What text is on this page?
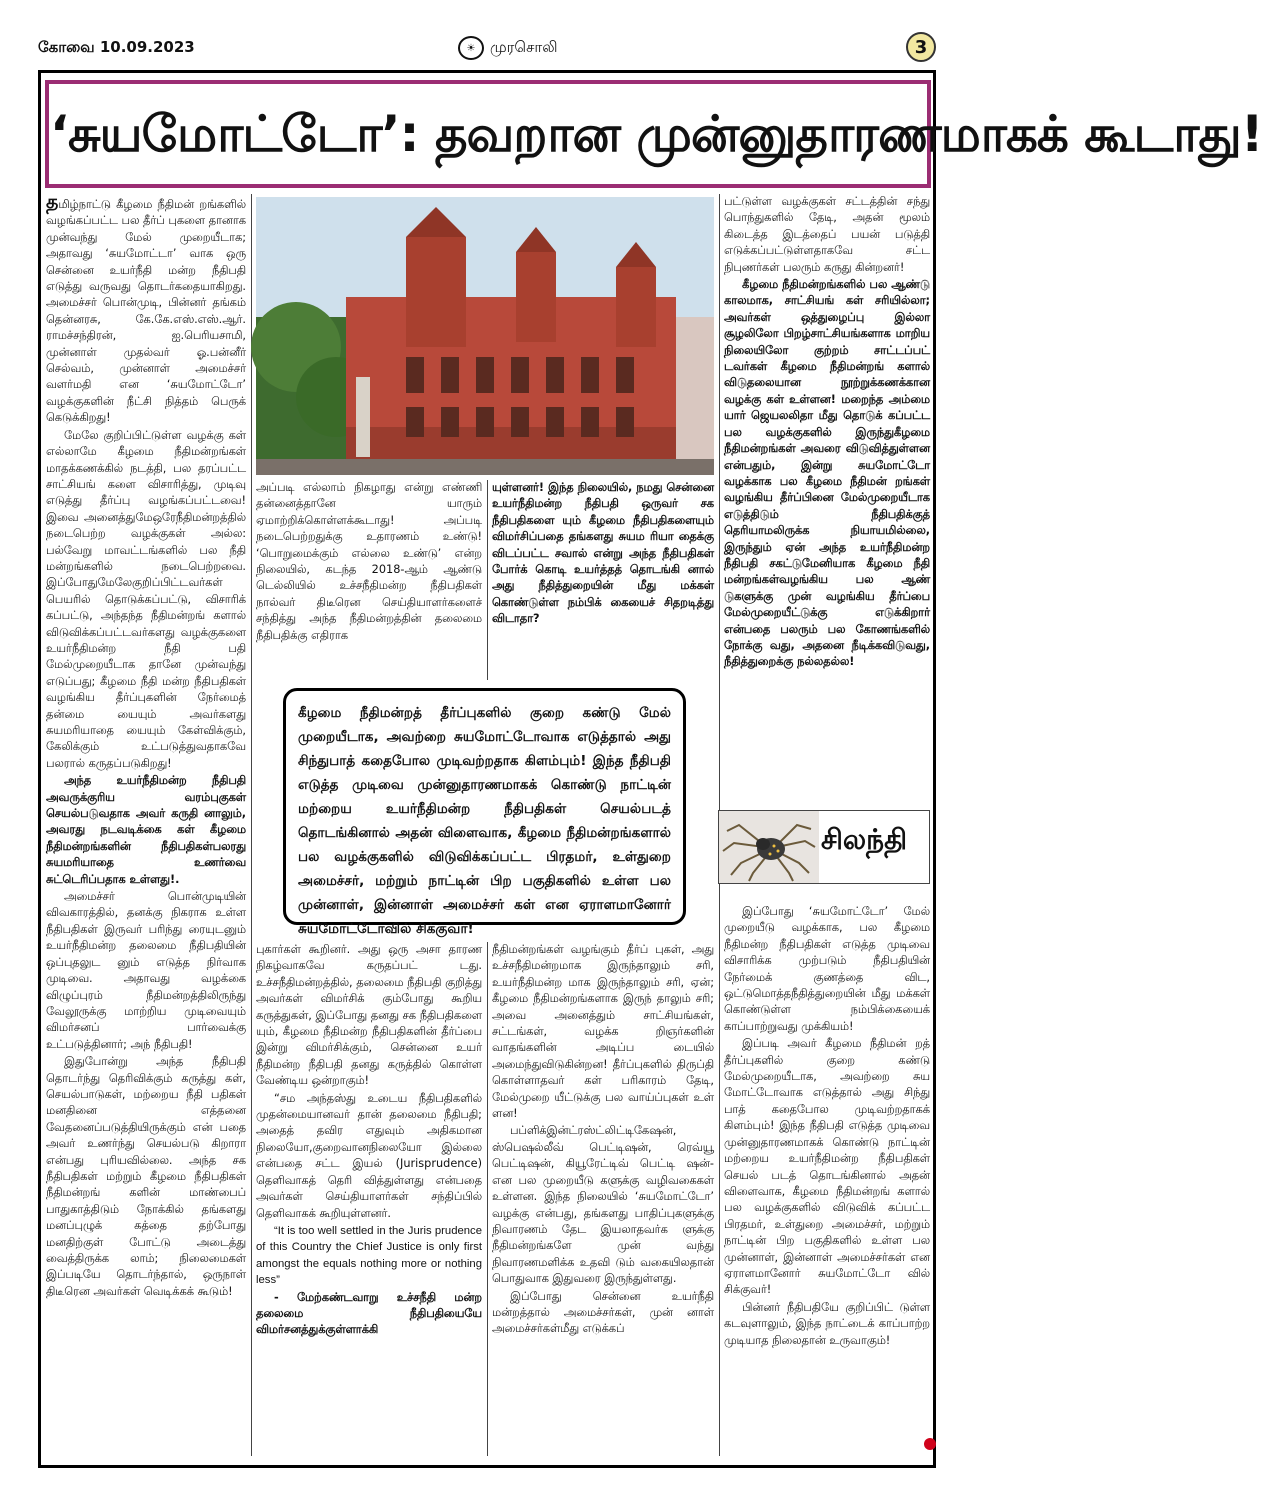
கோவை 10.09.2023	☀ முரசொலி	3
‘சுயமோட்டோ’: தவறான முன்னுதாரணமாகக் கூடாது!

தமிழ்நாட்டு கீழமை நீதிமன் றங்களில் வழங்கப்பட்ட பல தீர்ப் புகளை தானாக முன்வந்து மேல் முறையீடாக; அதாவது ‘சுயமோட்டா’ வாக ஒரு சென்னை உயர்நீதி மன்ற நீதிபதி எடுத்து வருவது தொடர்கதையாகிறது. அமைச்சர் பொன்முடி, பின்னர் தங்கம் தென்னரசு, கே.கே.எஸ்.எஸ்.ஆர். ராமச்சந்திரன், ஐ.பெரியசாமி, முன்னாள் முதல்வர் ஓ.பன்னீர் செல்வம், முன்னாள் அமைச்சர் வளர்மதி என ‘சுயமோட்டோ’ வழக்குகளின் நீட்சி நித்தம் பெருக் கெடுக்கிறது!

மேலே குறிப்பிட்டுள்ள வழக்கு கள் எல்லாமே கீழமை நீதிமன்றங்கள் மாதக்கணக்கில் நடத்தி, பல தரப்பட்ட சாட்சியங் களை விசாரித்து, முடிவு எடுத்து தீர்ப்பு வழங்கப்பட்டவை! இவை அனைத்துமேஒரேநீதிமன்றத்தில் நடைபெற்ற வழக்குகள் அல்ல: பல்வேறு மாவட்டங்களில் பல நீதி மன்றங்களில் நடைபெற்றவை. இப்போதுமேலேகுறிப்பிட்டவர்கள் பெயரில் தொடுக்கப்பட்டு, விசாரிக் கப்பட்டு, அந்தந்த நீதிமன்றங் களால் விடுவிக்கப்பட்டவர்களது வழக்குகளை உயர்நீதிமன்ற நீதி பதி மேல்முறையீடாக தானே முன்வந்து எடுப்பது; கீழமை நீதி மன்ற நீதிபதிகள் வழங்கிய தீர்ப்புகளின் நேர்மைத் தன்மை யையும் அவர்களது சுயமரியாதை யையும் கேள்விக்கும், கேலிக்கும் உட்படுத்துவதாகவே பலரால் கருதப்படுகிறது!

அந்த உயர்நீதிமன்ற நீதிபதி அவருக்குரிய வரம்புகுகள் செயல்படுவதாக அவர் கருதி னாலும், அவரது நடவடிக்கை கள் கீழமை நீதிமன்றங்களின் நீதிபதிகள்பலரது சுயமரியாதை உணர்வை சுட்டெரிப்பதாக உள்ளது!.

அமைச்சர் பொன்முடியின் விவகாரத்தில், தனக்கு நிகராக உள்ள நீதிபதிகள் இருவர் பரிந்து ரையுடனும் உயர்நீதிமன்ற தலைமை நீதிபதியின் ஒப்புதலுட னும் எடுத்த நிர்வாக முடிவை. அதாவது வழக்கை விழுப்புரம் நீதிமன்றத்திலிருந்து வேலூருக்கு மாற்றிய முடிவையும் விமர்சனப் பார்வைக்கு உட்படுத்தினார்; அந் நீதிபதி!

இதுபோன்று அந்த நீதிபதி தொடர்ந்து தெரிவிக்கும் கருத்து கள், செயல்பாடுகள், மற்றைய நீதி பதிகள் மனதினை எத்தனை வேதனைப்படுத்தியிருக்கும் என் பதை அவர் உணர்ந்து செயல்படு கிறாரா என்பது புரியவில்லை. அந்த சக நீதிபதிகள் மற்றும் கீழமை நீதிபதிகள் நீதிமன்றங் களின் மாண்பைப் பாதுகாத்திடும் நோக்கில் தங்களது மனப்புழுக் கத்தை தற்போது மனதிற்குள் போட்டு அடைத்து வைத்திருக்க லாம்; நிலைமைகள் இப்படியே தொடர்ந்தால், ஒருநாள் திடீரென அவர்கள் வெடிக்கக் கூடும்!

அப்படி எல்லாம் நிகழாது என்று எண்ணி தன்னைத்தானே யாரும் ஏமாற்றிக்கொள்ளக்கூடாது! அப்படி நடைபெற்றதுக்கு உதாரணம் உண்டு! ‘பொறுமைக்கும் எல்லை உண்டு’ என்ற நிலையில், கடந்த 2018-ஆம் ஆண்டு டெல்லியில் உச்சநீதிமன்ற நீதிபதிகள் நால்வர் திடீரென செய்தியாளர்களைச் சந்தித்து அந்த நீதிமன்றத்தின் தலைமை நீதிபதிக்கு எதிராக

யுள்ளனர்! இந்த நிலையில், நமது சென்னை உயர்நீதிமன்ற நீதிபதி ஒருவர் சக நீதிபதிகளை யும் கீழமை நீதிபதிகளையும் விமர்சிப்பதை தங்களது சுயம ரியா தைக்கு விடப்பட்ட சவால் என்று அந்த நீதிபதிகள் போர்க் கொடி உயர்த்தத் தொடங்கி னால் அது நீதித்துறையின் மீது மக்கள் கொண்டுள்ள நம்பிக் கையைச் சிதறடித்து விடாதா?

கீழமை நீதிமன்றத் தீர்ப்புகளில் குறை கண்டு மேல் முறையீடாக, அவற்றை சுயமோட்டோவாக எடுத்தால் அது சிந்துபாத் கதைபோல முடிவற்றதாக கிளம்பும்! இந்த நீதிபதி எடுத்த முடிவை முன்னுதாரணமாகக் கொண்டு நாட்டின் மற்றைய உயர்நீதிமன்ற நீதிபதிகள் செயல்படத் தொடங்கினால் அதன் விளைவாக, கீழமை நீதிமன்றங்களால் பல வழக்குகளில் விடுவிக்கப்பட்ட பிரதமர், உள்துறை அமைச்சர், மற்றும் நாட்டின் பிற பகுதிகளில் உள்ள பல முன்னாள், இன்னாள் அமைச்சர் கள் என ஏராளமானோர் சுயமோட்டோவில் சிக்குவர்!

புகார்கள் கூறினர். அது ஒரு அசா தாரண நிகழ்வாகவே கருதப்பட் டது. உச்சநீதிமன்றத்தில், தலைமை நீதிபதி குறித்து அவர்கள் விமர்சிக் கும்போது கூறிய கருத்துகள், இப்போது தனது சக நீதிபதிகளை யும், கீழமை நீதிமன்ற நீதிபதிகளின் தீர்ப்பை இன்று விமர்சிக்கும், சென்னை உயர் நீதிமன்ற நீதிபதி தனது கருத்தில் கொள்ள வேண்டிய ஒன்றாகும்!

“சம அந்தஸ்து உடைய நீதிபதிகளில் முதன்மையானவர் தான் தலைமை நீதிபதி; அதைத் தவிர எதுவும் அதிகமான நிலையோ,குறைவானநிலையோ இல்லை என்பதை சட்ட இயல் (Jurisprudence) தெளிவாகத் தெரி வித்துள்ளது என்பதை அவர்கள் செய்தியாளர்கள் சந்திப்பில் தெளிவாகக் கூறியுள்ளனர்.

“It is too well settled in the Juris prudence of this Country the Chief Justice is only first amongst the equals nothing more or nothing less”

- மேற்கண்டவாறு உச்சநீதி மன்ற தலைமை நீதிபதியையே விமர்சனத்துக்குள்ளாக்கி

நீதிமன்றங்கள் வழங்கும் தீர்ப் புகள், அது உச்சநீதிமன்றமாக இருந்தாலும் சரி, உயர்நீதிமன்ற மாக இருந்தாலும் சரி, ஏன்; கீழமை நீதிமன்றங்களாக இருந் தாலும் சரி; அவை அனைத்தும் சாட்சியங்கள், சட்டங்கள், வழக்க றிஞர்களின் வாதங்களின் அடிப்ப டையில் அமைந்துவிடுகின்றன! தீர்ப்புகளில் திருப்தி கொள்ளாதவர் கள் பரிகாரம் தேடி, மேல்முறை யீட்டுக்கு பல வாய்ப்புகள் உள் ளன!

பப்ளிக்இன்ட்ரஸ்ட்லிட்டிகேஷன், ஸ்பெஷல்லீவ் பெட்டிஷன், ரெவ்யூ பெட்டிஷன், கியூரேட்டிவ் பெட்டி ஷன்- என பல முறையீடு களுக்கு வழிவகைகள் உள்ளன. இந்த நிலையில் ‘சுயமோட்டோ’ வழக்கு என்பது, தங்களது பாதிப்புகளுக்கு நிவாரணம் தேட இயலாதவர்க ளுக்கு நீதிமன்றங்களே முன் வந்து நிவாரணமளிக்க உதவி டும் வகையிலதான் பொதுவாக இதுவரை இருந்துள்ளது.

இப்போது சென்னை உயர்நீதி மன்றத்தால் அமைச்சர்கள், முன் னாள் அமைச்சர்கள்மீது எடுக்கப்

பட்டுள்ள வழக்குகள் சட்டத்தின் சந்து பொந்துகளில் தேடி, அதன் மூலம் கிடைத்த இடத்தைப் பயன் படுத்தி எடுக்கப்பட்டுள்ளதாகவே சட்ட நிபுணர்கள் பலரும் கருது கின்றனர்!

கீழமை நீதிமன்றங்களில் பல ஆண்டு காலமாக, சாட்சியங் கள் சரியில்லா; அவர்கள் ஒத்துழைப்பு இல்லா சூழலிலோ பிறழ்சாட்சியங்களாக மாறிய நிலையிலோ குற்றம் சாட்டப்பட் டவர்கள் கீழமை நீதிமன்றங் களால் விடுதலையான நூற்றுக்கணக்கான வழக்கு கள் உள்ளன! மறைந்த அம்மை யார் ஜெயலலிதா மீது தொடுக் கப்பட்ட பல வழக்குகளில் இருந்துகீழமை நீதிமன்றங்கள் அவரை விடுவித்துள்ளன என்பதும், இன்று சுயமோட்டோ வழக்காக பல கீழமை நீதிமன் றங்கள் வழங்கிய தீர்ப்பினை மேல்முறையீடாக எடுத்திடும் நீதிபதிக்குத் தெரியாமலிருக்க நியாயமில்லை, இருந்தும் ஏன் அந்த உயர்நீதிமன்ற நீதிபதி சகட்டுமேனியாக கீழமை நீதி மன்றங்கள்வழங்கிய பல ஆண் டுகளுக்கு முன் வழங்கிய தீர்ப்பை மேல்முறையீட்டுக்கு எடுக்கிறார் என்பதை பலரும் பல கோணங்களில் நோக்கு வது, அதனை நீடிக்கவிடுவது, நீதித்துறைக்கு நல்லதல்ல!

சிலந்தி

இப்போது ‘சுயமோட்டோ’ மேல் முறையீடு வழக்காக, பல கீழமை நீதிமன்ற நீதிபதிகள் எடுத்த முடிவை விசாரிக்க முற்படும் நீதிபதியின் நேர்மைக் குணத்தை விட, ஒட்டுமொத்தநீதித்துறையின் மீது மக்கள் கொண்டுள்ள நம்பிக்கையைக் காப்பாற்றுவது முக்கியம்!

இப்படி அவர் கீழமை நீதிமன் றத் தீர்ப்புகளில் குறை கண்டு மேல்முறையீடாக, அவற்றை சுய மோட்டோவாக எடுத்தால் அது சிந்து பாத் கதைபோல முடிவற்றதாகக் கிளம்பும்! இந்த நீதிபதி எடுத்த முடிவை முன்னுதாரணமாகக் கொண்டு நாட்டின் மற்றைய உயர்நீதிமன்ற நீதிபதிகள் செயல் படத் தொடங்கினால் அதன் விளைவாக, கீழமை நீதிமன்றங் களால் பல வழக்குகளில் விடுவிக் கப்பட்ட பிரதமர், உள்துறை அமைச்சர், மற்றும் நாட்டின் பிற பகுதிகளில் உள்ள பல முன்னாள், இன்னாள் அமைச்சர்கள் என ஏராளமானோர் சுயமோட்டோ வில் சிக்குவர்!

பின்னர் நீதிபதியே குறிப்பிட் டுள்ள கடவுளாலும், இந்த நாட்டைக் காப்பாற்ற முடியாத நிலைதான் உருவாகும்!
